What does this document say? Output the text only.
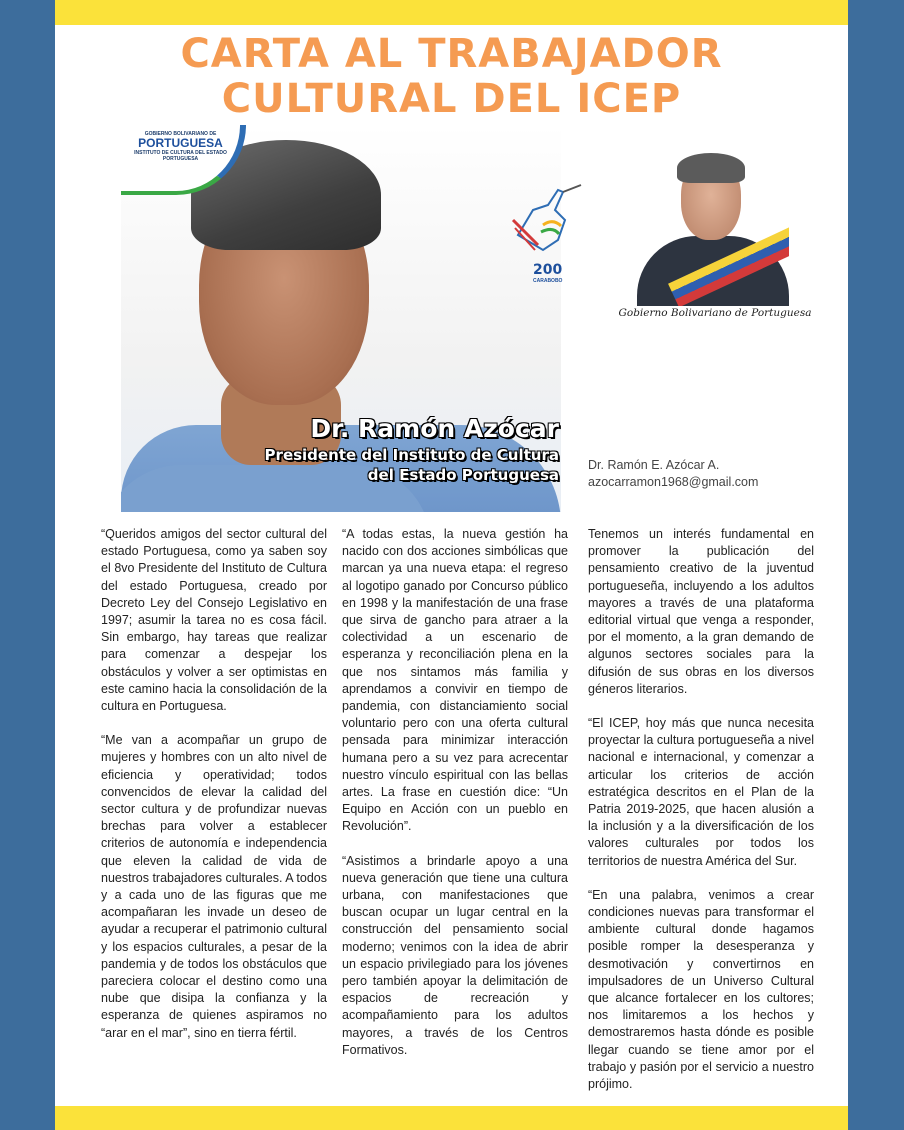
CARTA AL TRABAJADOR
CULTURAL DEL ICEP
GOBIERNO BOLIVARIANO DE
PORTUGUESA
INSTITUTO DE CULTURA DEL ESTADO PORTUGUESA
Dr. Ramón Azócar
Presidente del Instituto de Cultura
del Estado Portuguesa
200
CARABOBO
Gobierno Bolivariano de Portuguesa
Dr. Ramón E. Azócar A.
azocarramon1968@gmail.com

“Queridos amigos del sector cultural del estado Portuguesa, como ya saben soy el 8vo Presidente del Instituto de Cultura del estado Portuguesa, creado por Decreto Ley del Consejo Legislativo en 1997; asumir la tarea no es cosa fácil. Sin embargo, hay tareas que realizar para comenzar a despejar los obstáculos y volver a ser optimistas en este camino hacia la consolidación de la cultura en Portuguesa.

“Me van a acompañar un grupo de mujeres y hombres con un alto nivel de eficiencia y operatividad; todos convencidos de elevar la calidad del sector cultura y de profundizar nuevas brechas para volver a establecer criterios de autonomía e independencia que eleven la calidad de vida de nuestros trabajadores culturales. A todos y a cada uno de las figuras que me acompañaran les invade un deseo de ayudar a recuperar el patrimonio cultural y los espacios culturales, a pesar de la pandemia y de todos los obstáculos que pareciera colocar el destino como una nube que disipa la confianza y la esperanza de quienes aspiramos no “arar en el mar”, sino en tierra fértil.

“A todas estas, la nueva gestión ha nacido con dos acciones simbólicas que marcan ya una nueva etapa: el regreso al logotipo ganado por Concurso público en 1998 y la manifestación de una frase que sirva de gancho para atraer a la colectividad a un escenario de esperanza y reconciliación plena en la que nos sintamos más familia y aprendamos a convivir en tiempo de pandemia, con distanciamiento social voluntario pero con una oferta cultural pensada para minimizar interacción humana pero a su vez para acrecentar nuestro vínculo espiritual con las bellas artes. La frase en cuestión dice: “Un Equipo en Acción con un pueblo en Revolución”.

“Asistimos a brindarle apoyo a una nueva generación que tiene una cultura urbana, con manifestaciones que buscan ocupar un lugar central en la construcción del pensamiento social moderno; venimos con la idea de abrir un espacio privilegiado para los jóvenes pero también apoyar la delimitación de espacios de recreación y acompañamiento para los adultos mayores, a través de los Centros Formativos.

Tenemos un interés fundamental en promover la publicación del pensamiento creativo de la juventud portugueseña, incluyendo a los adultos mayores a través de una plataforma editorial virtual que venga a responder, por el momento, a la gran demando de algunos sectores sociales para la difusión de sus obras en los diversos géneros literarios.

“El ICEP, hoy más que nunca necesita proyectar la cultura portugueseña a nivel nacional e internacional, y comenzar a articular los criterios de acción estratégica descritos en el Plan de la Patria 2019-2025, que hacen alusión a la inclusión y a la diversificación de los valores culturales por todos los territorios de nuestra América del Sur.

“En una palabra, venimos a crear condiciones nuevas para transformar el ambiente cultural donde hagamos posible romper la desesperanza y desmotivación y convertirnos en impulsadores de un Universo Cultural que alcance fortalecer en los cultores; nos limitaremos a los hechos y demostraremos hasta dónde es posible llegar cuando se tiene amor por el trabajo y pasión por el servicio a nuestro prójimo.
